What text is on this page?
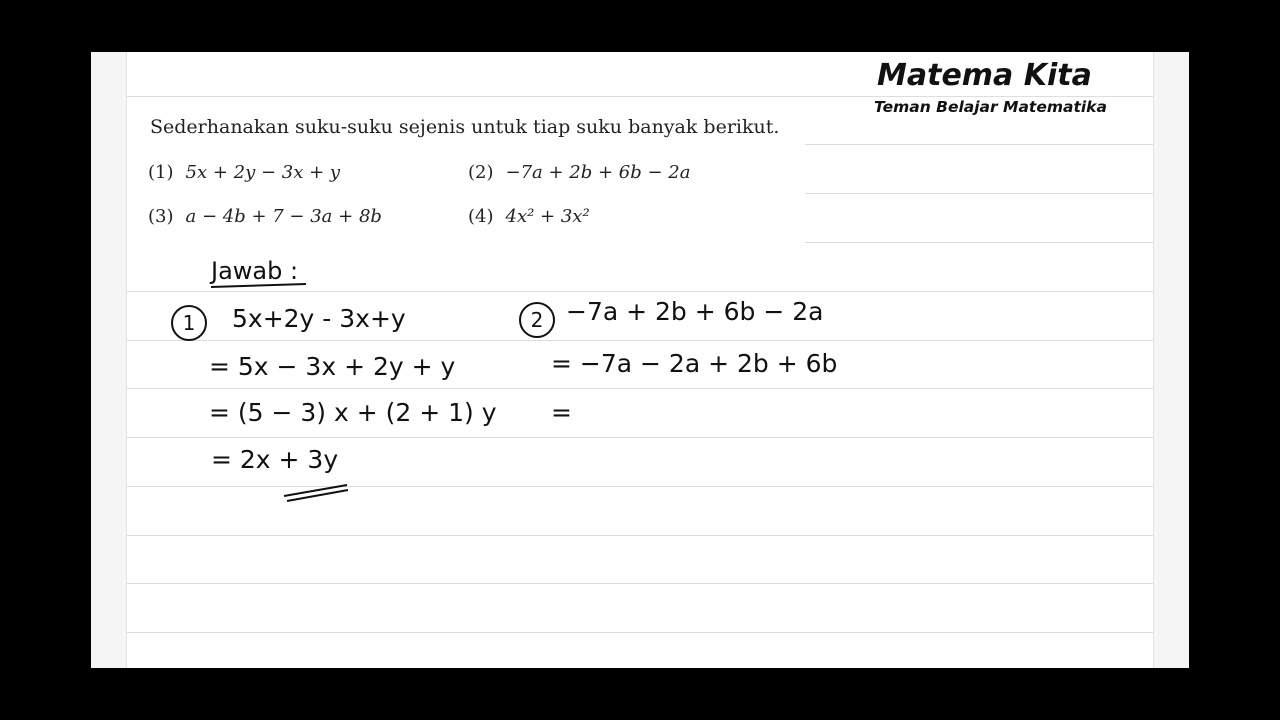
Sederhanakan suku-suku sejenis untuk tiap suku banyak berikut.
(1) 5x + 2y − 3x + y	(2) −7a + 2b + 6b − 2a
(3) a − 4b + 7 − 3a + 8b	(4) 4x² + 3x²
Matema Kita
Teman Belajar Matematika
Jawab :
1	5x+2y - 3x+y
= 5x − 3x + 2y + y
= (5 − 3) x + (2 + 1) y
= 2x + 3y
2 −7a + 2b + 6b − 2a
= −7a − 2a + 2b + 6b
=
